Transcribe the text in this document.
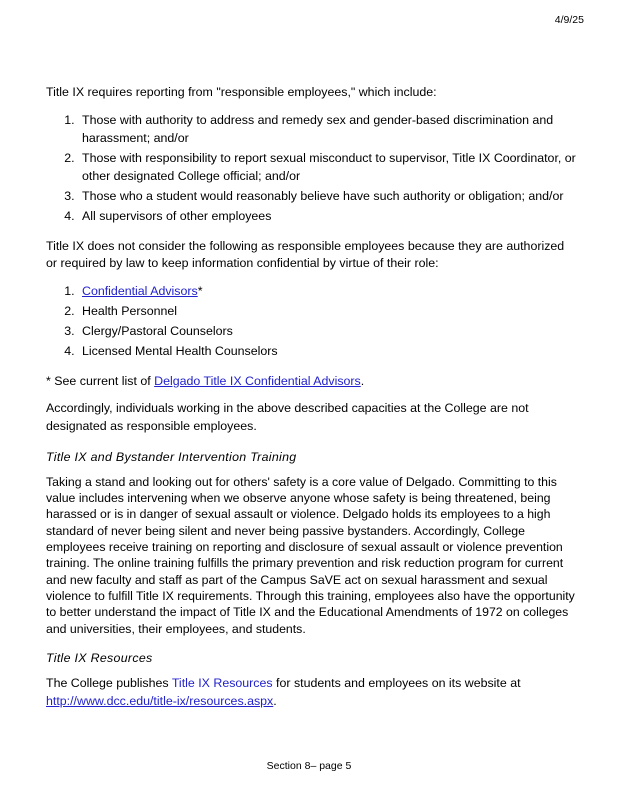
4/9/25

Title IX requires reporting from "responsible employees," which include:

1. Those with authority to address and remedy sex and gender-based discrimination and harassment; and/or
2. Those with responsibility to report sexual misconduct to supervisor, Title IX Coordinator, or other designated College official; and/or
3. Those who a student would reasonably believe have such authority or obligation; and/or
4. All supervisors of other employees

Title IX does not consider the following as responsible employees because they are authorized or required by law to keep information confidential by virtue of their role:

1. Confidential Advisors*
2. Health Personnel
3. Clergy/Pastoral Counselors
4. Licensed Mental Health Counselors

* See current list of Delgado Title IX Confidential Advisors.

Accordingly, individuals working in the above described capacities at the College are not designated as responsible employees.

Title IX and Bystander Intervention Training

Taking a stand and looking out for others' safety is a core value of Delgado. Committing to this value includes intervening when we observe anyone whose safety is being threatened, being harassed or is in danger of sexual assault or violence. Delgado holds its employees to a high standard of never being silent and never being passive bystanders. Accordingly, College employees receive training on reporting and disclosure of sexual assault or violence prevention training. The online training fulfills the primary prevention and risk reduction program for current and new faculty and staff as part of the Campus SaVE act on sexual harassment and sexual violence to fulfill Title IX requirements. Through this training, employees also have the opportunity to better understand the impact of Title IX and the Educational Amendments of 1972 on colleges and universities, their employees, and students.

Title IX Resources

The College publishes Title IX Resources for students and employees on its website at http://www.dcc.edu/title-ix/resources.aspx.

Section 8– page 5
